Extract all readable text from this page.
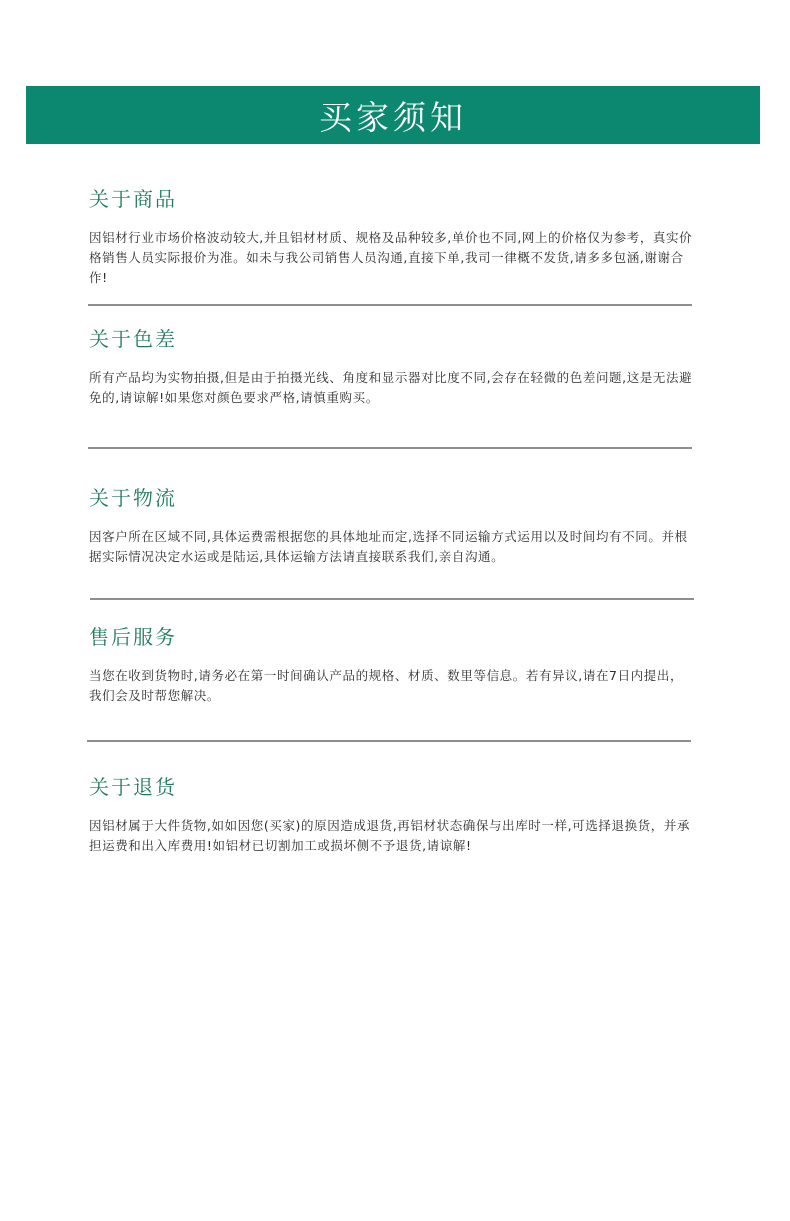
买家须知
关于商品

因铝材行业市场价格波动较大,并且铝材材质、规格及品种较多,单价也不同,网上的价格仅为参考，真实价格销售人员实际报价为准。如未与我公司销售人员沟通,直接下单,我司一律概不发货,请多多包涵,谢谢合作!

关于色差

所有产品均为实物拍摄,但是由于拍摄光线、角度和显示器对比度不同,会存在轻微的色差问题,这是无法避免的,请谅解!如果您对颜色要求严格,请慎重购买。

关于物流

因客户所在区域不同,具体运费需根据您的具体地址而定,选择不同运输方式运用以及时间均有不同。并根据实际情况决定水运或是陆运,具体运输方法请直接联系我们,亲自沟通。

售后服务

当您在收到货物时,请务必在第一时间确认产品的规格、材质、数里等信息。若有异议,请在7日内提出，我们会及时帮您解决。

关于退货

因铝材属于大件货物,如如因您(买家)的原因造成退货,再铝材状态确保与出库时一样,可选择退换货，并承担运费和出入库费用!如铝材已切割加工或损坏侧不予退货,请谅解!
